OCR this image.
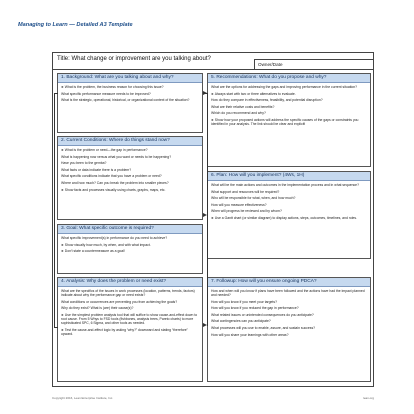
Managing to Learn — Detailed A3 Template
Title: What change or improvement are you talking about?
Owner/Date
1. Background: What are you talking about and why?
➤ What is the problem, the business reason for choosing this issue?
What specific performance measure needs to be improved?
What is the strategic, operational, historical, or organizational context of the situation?
2. Current Conditions: Where do things stand now?
➤ What is the problem or need—the gap in performance?
What is happening now versus what you want or needs to be happening?
Have you been to the gemba?
What facts or data indicate there is a problem?
What specific conditions indicate that you have a problem or need?
Where and how much? Can you break the problem into smaller pieces?
➤ Show facts and processes visually using charts, graphs, maps, etc.
3. Goal: What specific outcome is required?
What specific improvement(s) in performance do you need to achieve?
➤ Show visually how much, by when, and with what impact.
➤ Don't state a countermeasure as a goal!
4. Analysis: Why does the problem or need exist?
What are the specifics of the issues in work processes (location, patterns, trends, factors) indicate about why the performance gap or need exists?
What conditions or occurrences are preventing you from achieving the goals?
Why do they exist? What is (are) their cause(s)?
➤ Use the simplest problem analysis tool that will suffice to show cause-and-effect down to root cause. From 5 Whys to FSD tools (fishbones, analysis trees, Pareto charts) to more sophisticated SPC, 6 Sigma, and other tools as needed.
➤ Test the cause-and-effect logic by asking “why?” downward and stating “therefore” upward.
5. Recommendations: What do you propose and why?
What are the options for addressing the gaps and improving performance in the current situation?
➤ Always start with two or three alternatives to evaluate.
How do they compare in effectiveness, feasibility, and potential disruption?
What are their relative costs and benefits?
Which do you recommend and why?
➤ Show how your proposed actions will address the specific causes of the gaps or constraints you identified in your analysis. The link should be clear and explicit!
6. Plan: How will you implement? (4Ws, 1H)
What will be the main actions and outcomes in the implementation process and in what sequence?
What support and resources will be required?
Who will be responsible for what, when, and how much?
How will you measure effectiveness?
When will progress be reviewed and by whom?
➤ Use a Gantt chart (or similar diagram) to display actions, steps, outcomes, timelines, and roles.
7. Followup: How will you ensure ongoing PDCA?
How and when will you know if plans have been followed and the actions have had the impact planned and needed?
How will you know if you meet your targets?
How will you know if you reduced the gap in performance?
What related issues or unintended consequences do you anticipate?
What contingencies can you anticipate?
What processes will you use to enable, assure, and sustain success?
How will you share your learnings with other areas?
Copyright 2016, Lean Enterprise Institute, Inc.	lean.org
